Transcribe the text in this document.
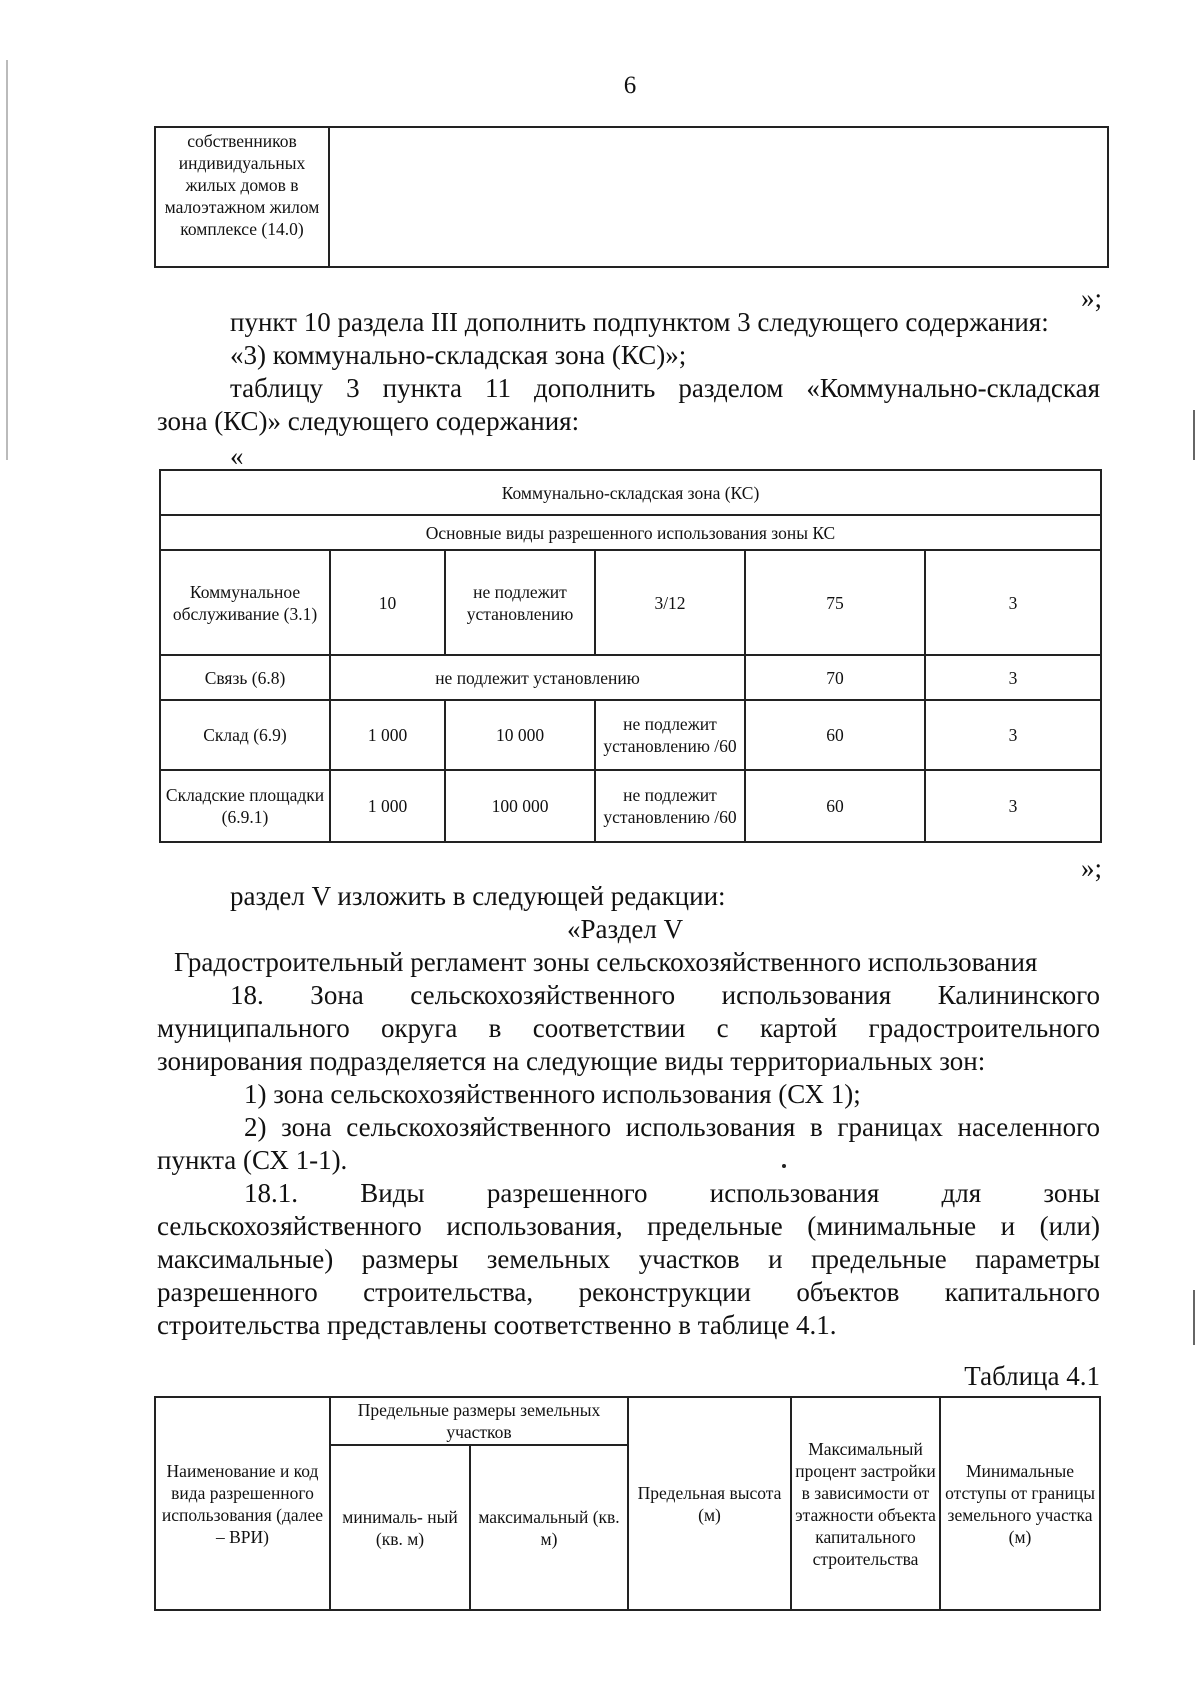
6
собственников индивидуальных жилых домов в малоэтажном жилом комплексе (14.0)	
»;
пункт 10 раздела III дополнить подпунктом 3 следующего содержания:
«3) коммунально-складская зона (КС)»;
таблицу 3 пункта 11 дополнить разделом «Коммунально-складская
зона (КС)» следующего содержания:
«
Коммунально-складская зона (КС)					
Основные виды разрешенного использования зоны КС					
Коммунальное обслуживание (3.1)	10	не подлежит установлению	3/12	75	3
Связь (6.8)	не подлежит установлению			70	3
Склад (6.9)	1 000	10 000	не подлежит установлению /60	60	3
Складские площадки (6.9.1)	1 000	100 000	не подлежит установлению /60	60	3
»;
раздел V изложить в следующей редакции:
«Раздел V
Градостроительный регламент зоны сельскохозяйственного использования
18. Зона сельскохозяйственного использования Калининского
муниципального округа в соответствии с картой градостроительного
зонирования подразделяется на следующие виды территориальных зон:
1) зона сельскохозяйственного использования (СХ 1);
2) зона сельскохозяйственного использования в границах населенного
пункта (СХ 1-1).
18.1. Виды разрешенного использования для зоны
сельскохозяйственного использования, предельные (минимальные и (или)
максимальные) размеры земельных участков и предельные параметры
разрешенного строительства, реконструкции объектов капитального
строительства представлены соответственно в таблице 4.1.
Таблица 4.1
Наименование и код вида разрешенного использования (далее – ВРИ)	Предельные размеры земельных участков		Предельная высота (м)	Максимальный процент застройки в зависимости от этажности объекта капитального строительства	Минимальные отступы от границы земельного участка (м)
	минималь- ный (кв. м)	максимальный (кв. м)			
